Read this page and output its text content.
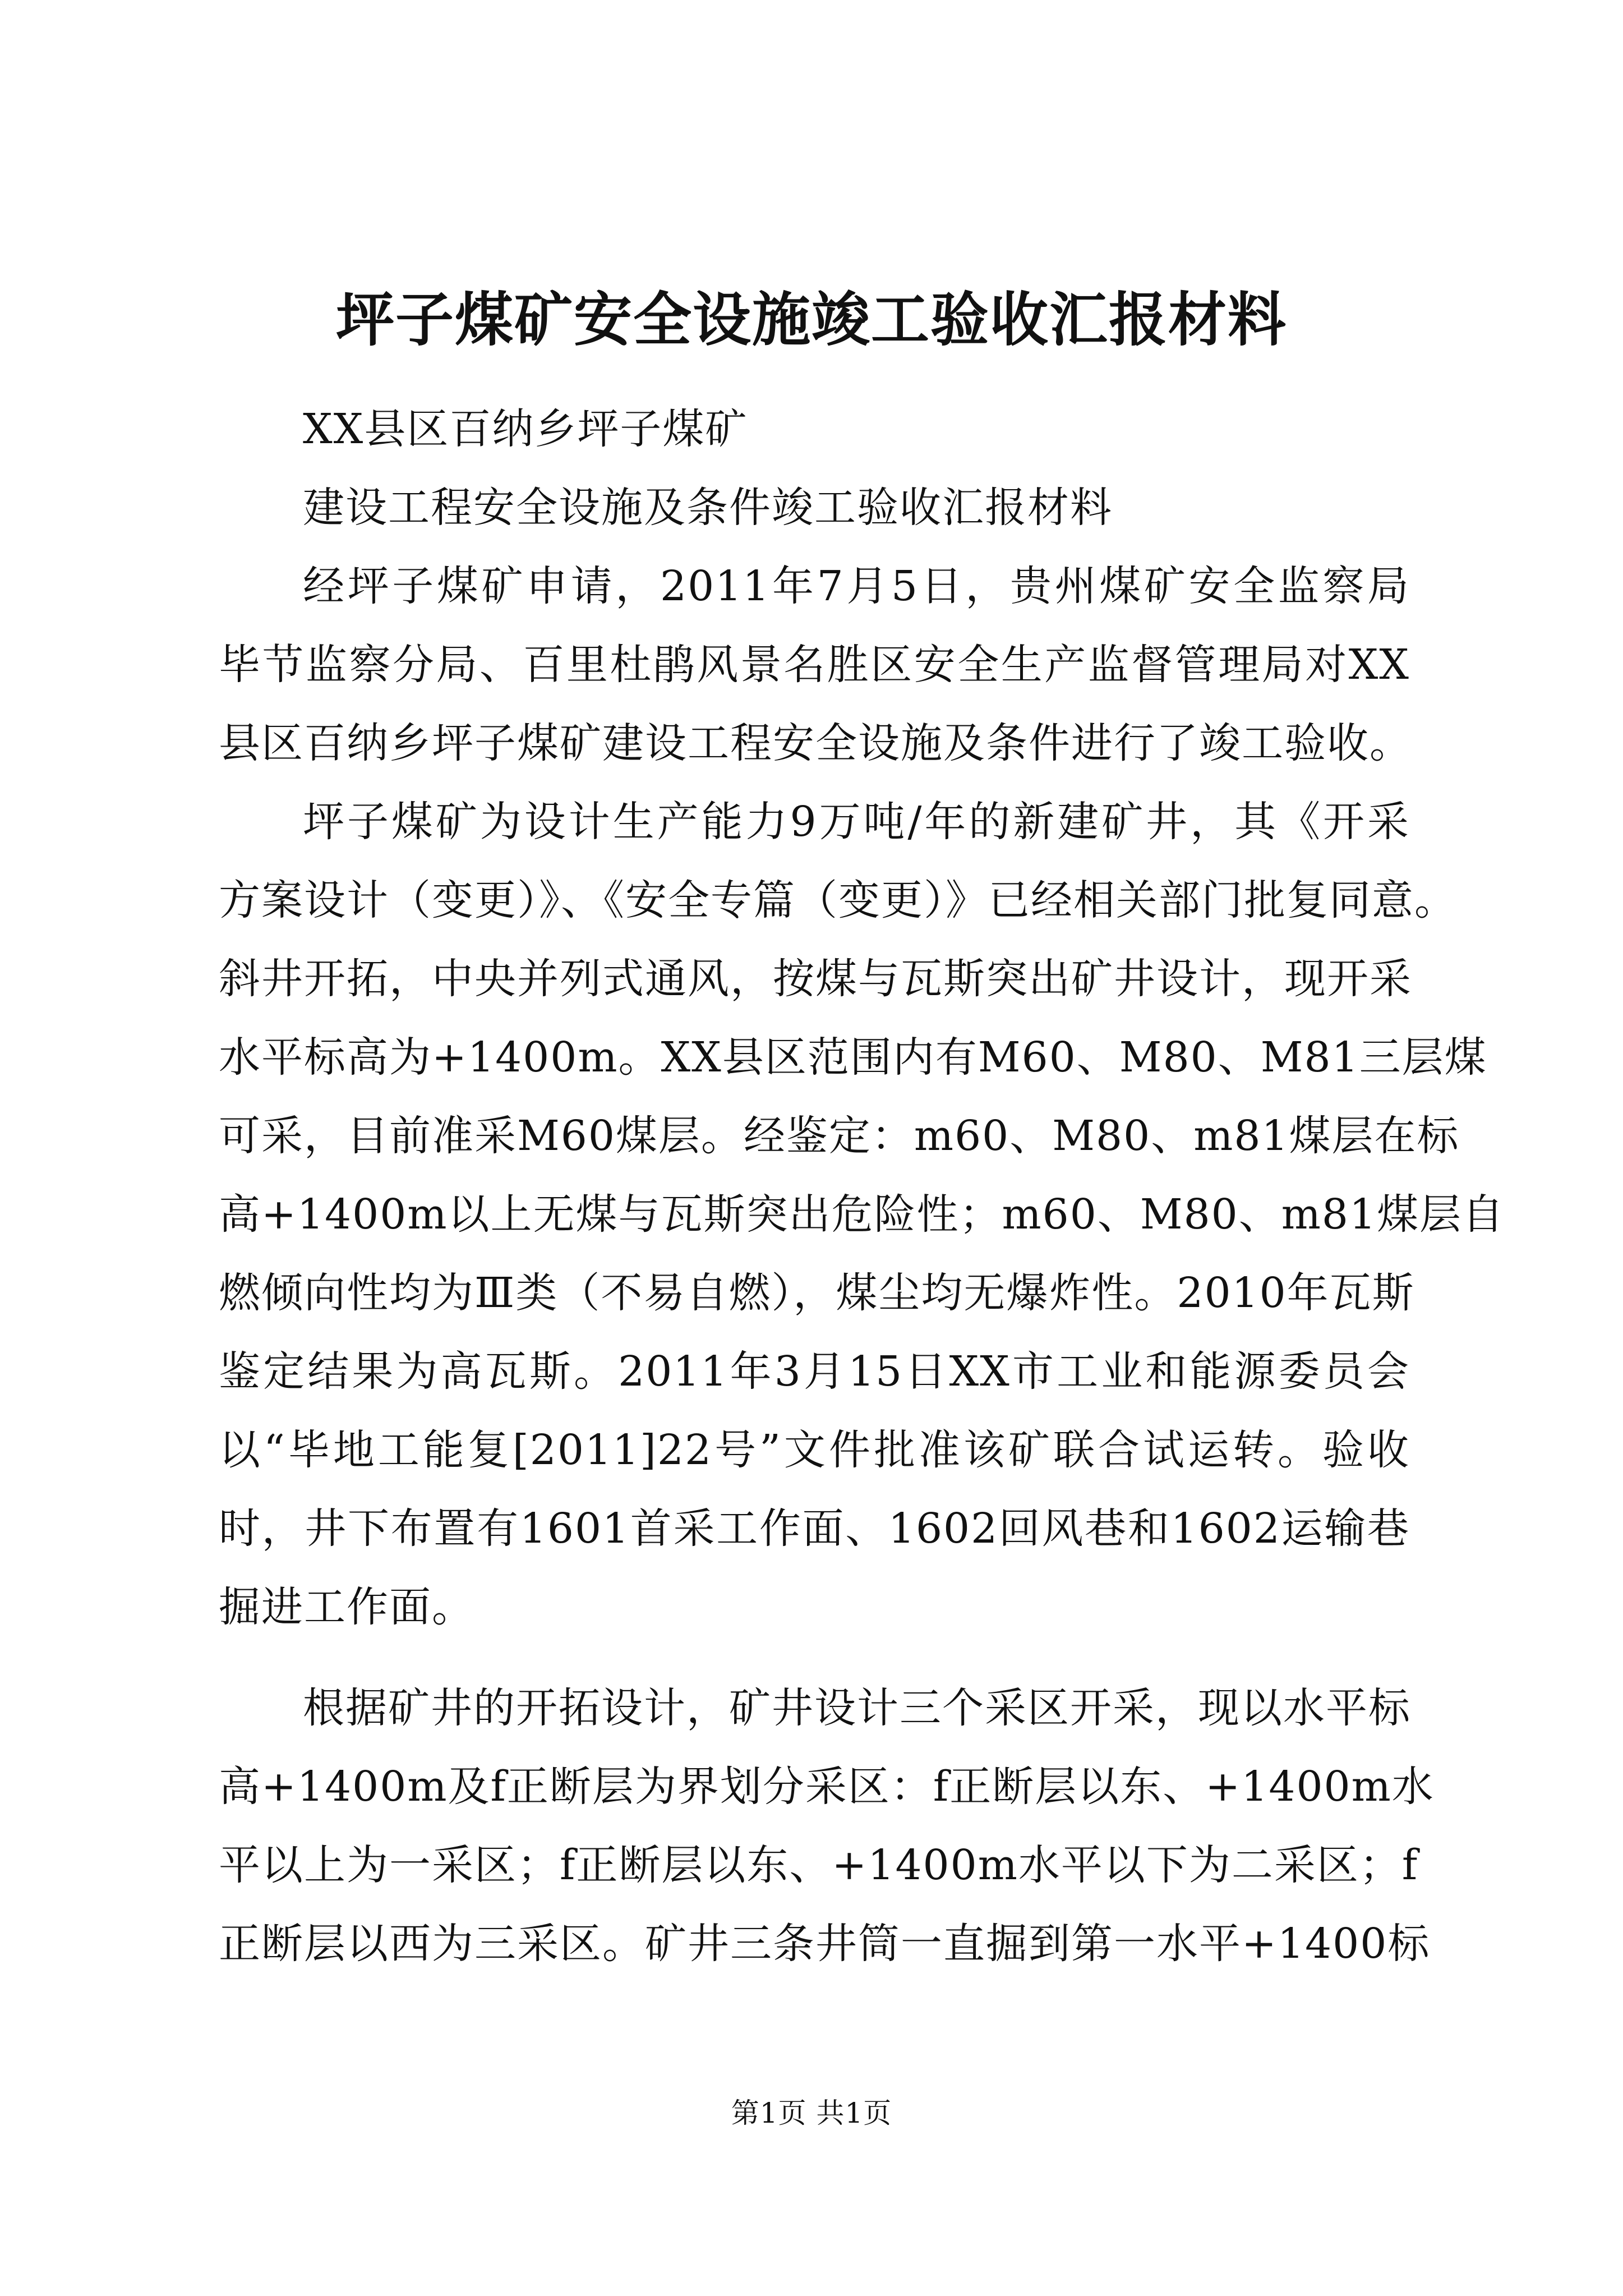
坪子煤矿安全设施竣工验收汇报材料
XX县区百纳乡坪子煤矿
建设工程安全设施及条件竣工验收汇报材料
经坪子煤矿申请，2011年7月5日，贵州煤矿安全监察局
毕节监察分局、百里杜鹃风景名胜区安全生产监督管理局对XX
县区百纳乡坪子煤矿建设工程安全设施及条件进行了竣工验收。
坪子煤矿为设计生产能力9万吨/年的新建矿井，其《开采
方案设计（变更）》、《安全专篇（变更）》已经相关部门批复同意。
斜井开拓，中央并列式通风，按煤与瓦斯突出矿井设计，现开采
水平标高为+1400m。XX县区范围内有M60、M80、M81三层煤
可采，目前准采M60煤层。经鉴定：m60、M80、m81煤层在标
高+1400m以上无煤与瓦斯突出危险性；m60、M80、m81煤层自
燃倾向性均为Ⅲ类（不易自燃），煤尘均无爆炸性。2010年瓦斯
鉴定结果为高瓦斯。2011年3月15日XX市工业和能源委员会
以“毕地工能复[2011]22号”文件批准该矿联合试运转。验收
时，井下布置有1601首采工作面、1602回风巷和1602运输巷
掘进工作面。
根据矿井的开拓设计，矿井设计三个采区开采，现以水平标
高+1400m及f正断层为界划分采区：f正断层以东、+1400m水
平以上为一采区；f正断层以东、+1400m水平以下为二采区；f
正断层以西为三采区。矿井三条井筒一直掘到第一水平+1400标
第1页 共1页
